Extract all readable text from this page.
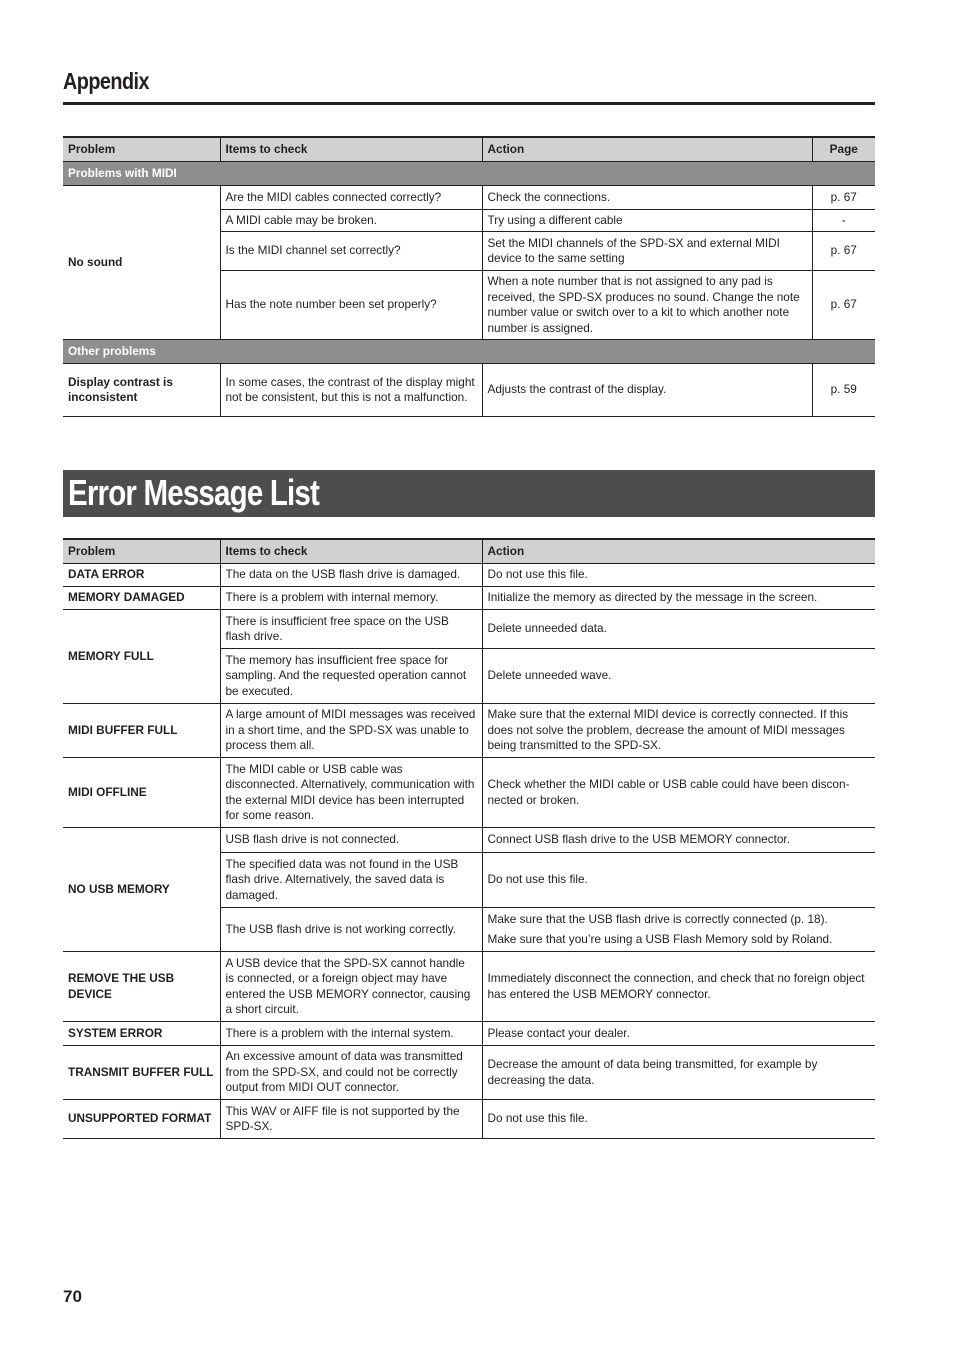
Appendix
Problem	Items to check	Action	Page
Problems with MIDI			
No sound	Are the MIDI cables connected correctly?	Check the connections.	p. 67
	A MIDI cable may be broken.	Try using a different cable	-
	Is the MIDI channel set correctly?	Set the MIDI channels of the SPD-SX and external MIDI device to the same setting	p. 67
	Has the note number been set properly?	When a note number that is not assigned to any pad is received, the SPD-SX produces no sound. Change the note number value or switch over to a kit to which another note number is assigned.	p. 67
Other problems			
Display contrast is inconsistent	In some cases, the contrast of the display might not be consistent, but this is not a malfunction.	Adjusts the contrast of the display.	p. 59
Error Message List
Problem	Items to check	Action
DATA ERROR	The data on the USB flash drive is damaged.	Do not use this file.
MEMORY DAMAGED	There is a problem with internal memory.	Initialize the memory as directed by the message in the screen.
MEMORY FULL	There is insufficient free space on the USB flash drive.	Delete unneeded data.
	The memory has insufficient free space for sampling. And the requested operation cannot be executed.	Delete unneeded wave.
MIDI BUFFER FULL	A large amount of MIDI messages was received in a short time, and the SPD-SX was unable to process them all.	Make sure that the external MIDI device is correctly connected. If this does not solve the problem, decrease the amount of MIDI messages being transmitted to the SPD-SX.
MIDI OFFLINE	The MIDI cable or USB cable was disconnected. Alternatively, communication with the external MIDI device has been interrupted for some reason.	Check whether the MIDI cable or USB cable could have been discon-nected or broken.
NO USB MEMORY	USB flash drive is not connected.	Connect USB flash drive to the USB MEMORY connector.
	The specified data was not found in the USB flash drive. Alternatively, the saved data is damaged.	Do not use this file.
	The USB flash drive is not working correctly.	Make sure that the USB flash drive is correctly connected (p. 18).
Make sure that you’re using a USB Flash Memory sold by Roland.

REMOVE THE USB DEVICE	A USB device that the SPD-SX cannot handle is connected, or a foreign object may have entered the USB MEMORY connector, causing a short circuit.	Immediately disconnect the connection, and check that no foreign object has entered the USB MEMORY connector.
SYSTEM ERROR	There is a problem with the internal system.	Please contact your dealer.
TRANSMIT BUFFER FULL	An excessive amount of data was transmitted from the SPD-SX, and could not be correctly output from MIDI OUT connector.	Decrease the amount of data being transmitted, for example by decreasing the data.
UNSUPPORTED FORMAT	This WAV or AIFF file is not supported by the SPD-SX.	Do not use this file.
70
